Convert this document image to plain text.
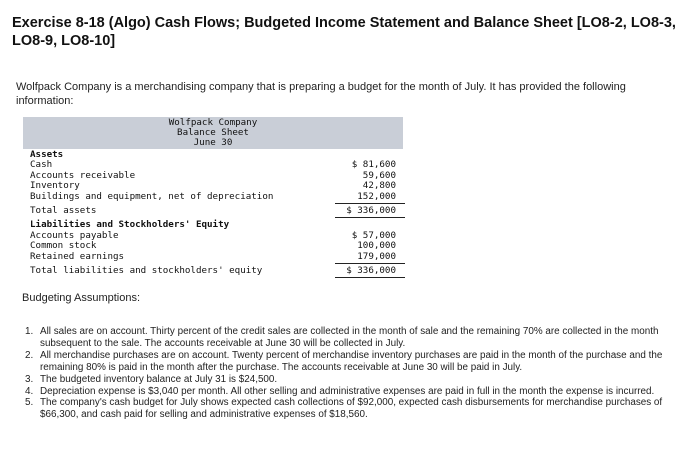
Exercise 8-18 (Algo) Cash Flows; Budgeted Income Statement and Balance Sheet [LO8-2, LO8-3, LO8-9, LO8-10]
Wolfpack Company is a merchandising company that is preparing a budget for the month of July. It has provided the following information:
Wolfpack Company
Balance Sheet
June 30
Assets
Cash	$ 81,600
Accounts receivable	59,600
Inventory	42,800
Buildings and equipment, net of depreciation	152,000
Total assets	$ 336,000
Liabilities and Stockholders' Equity
Accounts payable	$ 57,000
Common stock	100,000
Retained earnings	179,000
Total liabilities and stockholders' equity	$ 336,000
Budgeting Assumptions:
1. All sales are on account. Thirty percent of the credit sales are collected in the month of sale and the remaining 70% are collected in the month subsequent to the sale. The accounts receivable at June 30 will be collected in July.
2. All merchandise purchases are on account. Twenty percent of merchandise inventory purchases are paid in the month of the purchase and the remaining 80% is paid in the month after the purchase. The accounts receivable at June 30 will be paid in July.
3. The budgeted inventory balance at July 31 is $24,500.
4. Depreciation expense is $3,040 per month. All other selling and administrative expenses are paid in full in the month the expense is incurred.
5. The company's cash budget for July shows expected cash collections of $92,000, expected cash disbursements for merchandise purchases of $66,300, and cash paid for selling and administrative expenses of $18,560.
